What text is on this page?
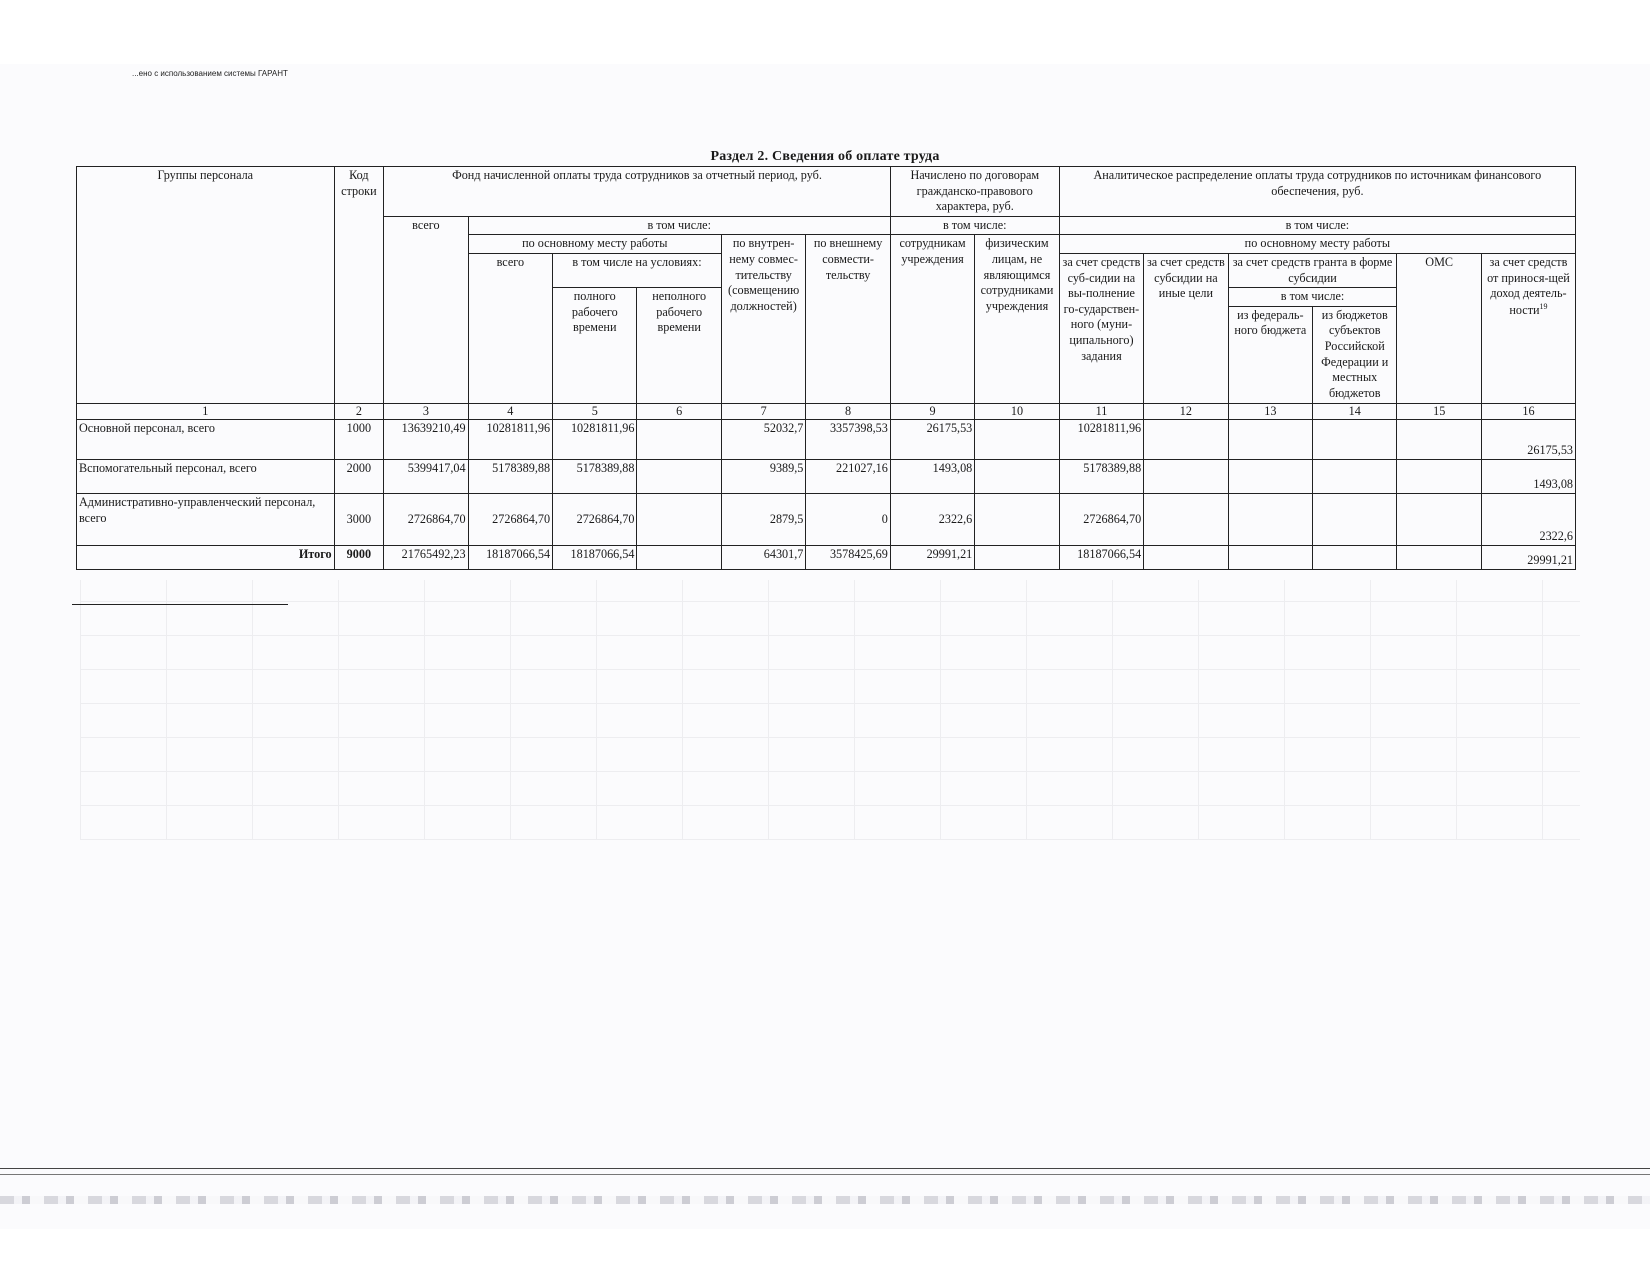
...ено с использованием системы ГАРАНТ
Раздел 2. Сведения об оплате труда
Группы персонала	Код строки	Фонд начисленной оплаты труда сотрудников за отчетный период, руб.						Начислено по договорам гражданско-правового характера, руб.		Аналитическое распределение оплаты труда сотрудников по источникам финансового обеспечения, руб.					
		всего	в том числе:					в том числе:		в том числе:					
			по основному месту работы			по внутрен-нему совмес-тительству (совмещению должностей)	по внешнему совмести-тельству	сотрудникам учреждения	физическим лицам, не являющимся сотрудниками учреждения	по основному месту работы					
			всего	в том числе на условиях:						за счет средств суб-сидии на вы-полнение го-сударствен-ного (муни-ципального) задания	за счет средств субсидии на иные цели	за счет средств гранта в форме субсидии		ОМС	за счет средств от принося-щей доход деятель-ности$^{19}$
				полного рабочего времени	неполного рабочего времени							в том числе:			
												из федераль-ного бюджета	из бюджетов субъектов Российской Федерации и местных бюджетов		
1	2	3	4	5	6	7	8	9	10	11	12	13	14	15	16
Основной персонал, всего	1000	13639210,49	10281811,96	10281811,96		52032,7	3357398,53	26175,53		10281811,96					26175,53
Вспомогательный персонал, всего	2000	5399417,04	5178389,88	5178389,88		9389,5	221027,16	1493,08		5178389,88					1493,08
Административно-управленческий персонал, всего	3000	2726864,70	2726864,70	2726864,70		2879,5	0	2322,6		2726864,70					2322,6
Итого	9000	21765492,23	18187066,54	18187066,54		64301,7	3578425,69	29991,21		18187066,54					29991,21
